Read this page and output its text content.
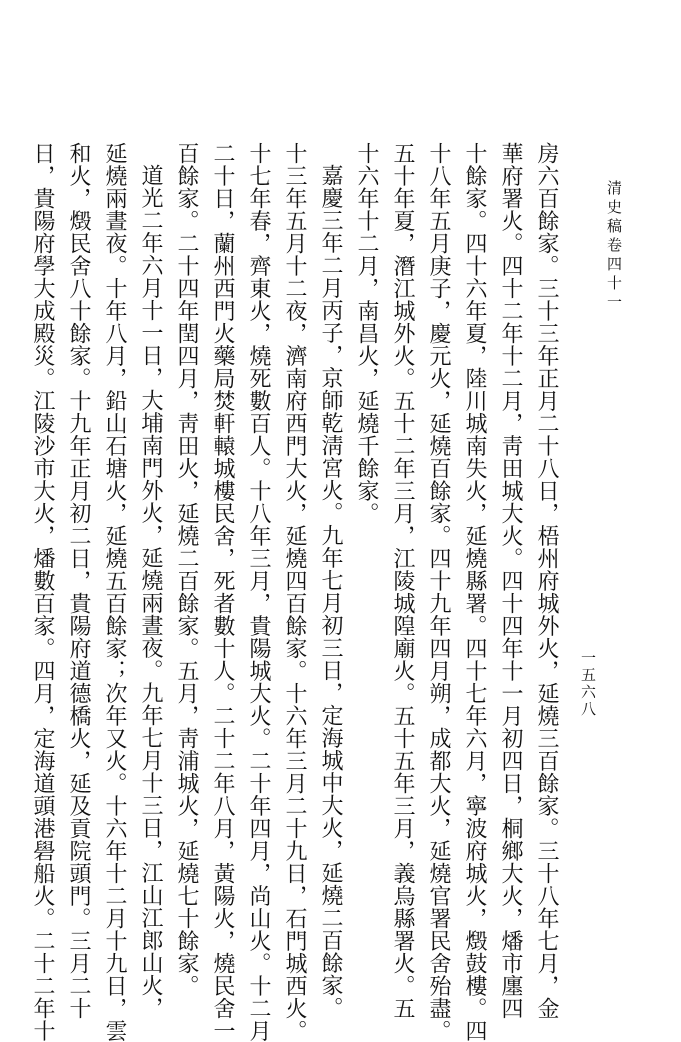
清史稿卷四十一
一五六八
房六百餘家。三十三年正月二十八日，梧州府城外火，延燒三百餘家。三十八年七月，金
華府署火。四十二年十二月，靑田城大火。四十四年十一月初四日，桐鄉大火，燔市廛四
十餘家。四十六年夏，陸川城南失火，延燒縣署。四十七年六月，寧波府城火，燬鼓樓。四
十八年五月庚子，慶元火，延燒百餘家。四十九年四月朔，成都大火，延燒官署民舍殆盡。
五十年夏，潛江城外火。五十二年三月，江陵城隍廟火。五十五年三月，義烏縣署火。五
十六年十二月，南昌火，延燒千餘家。
嘉慶三年二月丙子，京師乾淸宮火。九年七月初三日，定海城中大火，延燒二百餘家。
十三年五月十二夜，濟南府西門大火，延燒四百餘家。十六年三月二十九日，石門城西火。
十七年春，齊東火，燒死數百人。十八年三月，貴陽城大火。二十年四月，尚山火。十二月
二十日，蘭州西門火藥局焚軒轅城樓民舍，死者數十人。二十二年八月，黃陽火，燒民舍一
百餘家。二十四年閏四月，靑田火，延燒二百餘家。五月，靑浦城火，延燒七十餘家。
道光二年六月十一日，大埔南門外火，延燒兩晝夜。九年七月十三日，江山江郎山火，
延燒兩晝夜。十年八月，鉛山石塘火，延燒五百餘家；次年又火。十六年十二月十九日，雲
和火，燬民舍八十餘家。十九年正月初二日，貴陽府道德橋火，延及貢院頭門。三月二十
日，貴陽府學大成殿災。江陵沙市大火，燔數百家。四月，定海道頭港礐船火。二十二年十
